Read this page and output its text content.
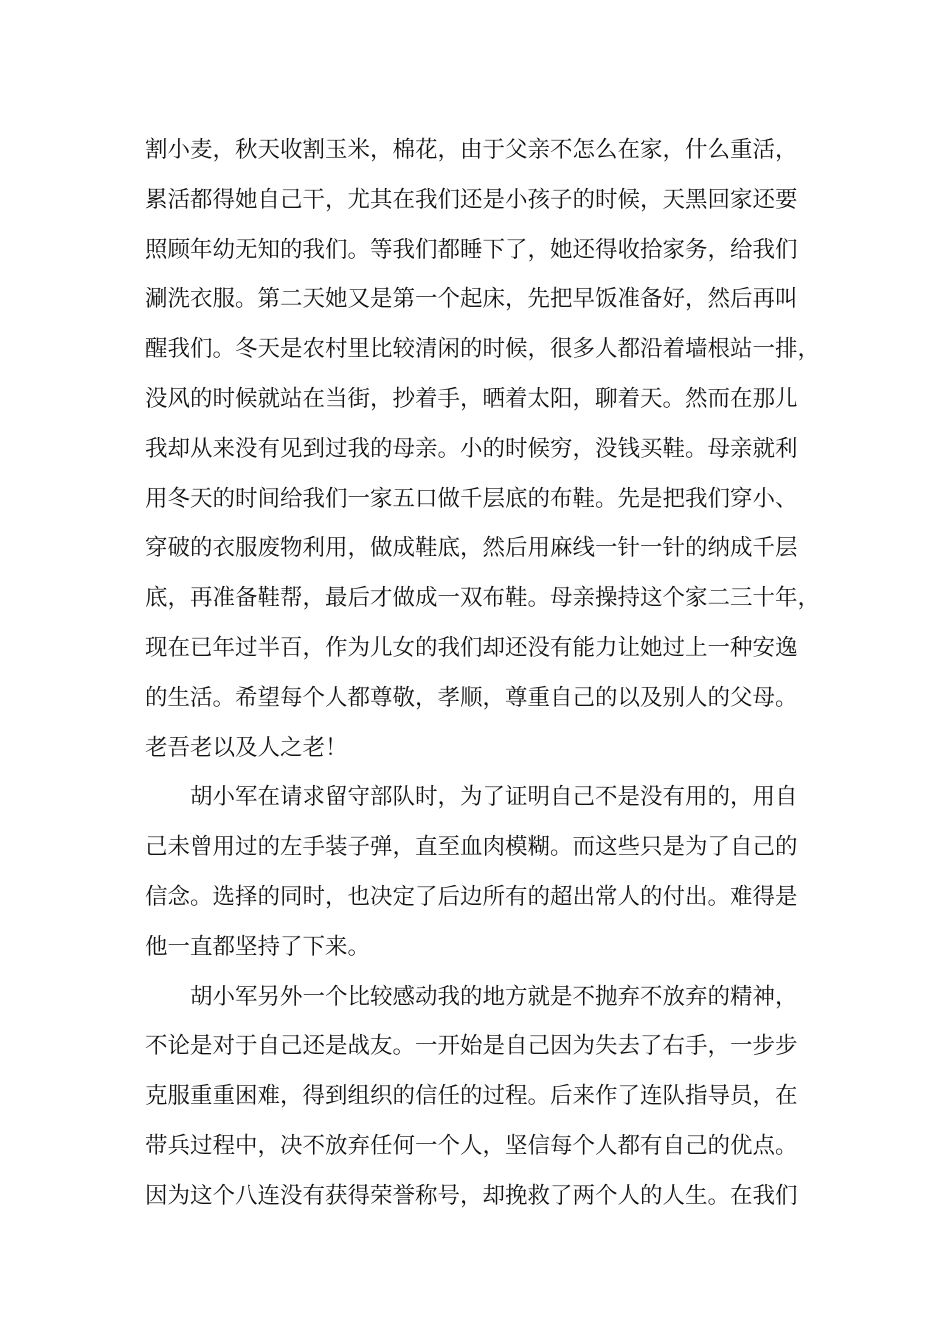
割小麦，秋天收割玉米，棉花，由于父亲不怎么在家，什么重活，
累活都得她自己干，尤其在我们还是小孩子的时候，天黑回家还要
照顾年幼无知的我们。等我们都睡下了，她还得收拾家务，给我们
涮洗衣服。第二天她又是第一个起床，先把早饭准备好，然后再叫
醒我们。冬天是农村里比较清闲的时候，很多人都沿着墙根站一排，
没风的时候就站在当街，抄着手，晒着太阳，聊着天。然而在那儿
我却从来没有见到过我的母亲。小的时候穷，没钱买鞋。母亲就利
用冬天的时间给我们一家五口做千层底的布鞋。先是把我们穿小、
穿破的衣服废物利用，做成鞋底，然后用麻线一针一针的纳成千层
底，再准备鞋帮，最后才做成一双布鞋。母亲操持这个家二三十年，
现在已年过半百，作为儿女的我们却还没有能力让她过上一种安逸
的生活。希望每个人都尊敬，孝顺，尊重自己的以及别人的父母。
老吾老以及人之老！
胡小军在请求留守部队时，为了证明自己不是没有用的，用自
己未曾用过的左手装子弹，直至血肉模糊。而这些只是为了自己的
信念。选择的同时，也决定了后边所有的超出常人的付出。难得是
他一直都坚持了下来。
胡小军另外一个比较感动我的地方就是不抛弃不放弃的精神，
不论是对于自己还是战友。一开始是自己因为失去了右手，一步步
克服重重困难，得到组织的信任的过程。后来作了连队指导员，在
带兵过程中，决不放弃任何一个人，坚信每个人都有自己的优点。
因为这个八连没有获得荣誉称号，却挽救了两个人的人生。在我们
